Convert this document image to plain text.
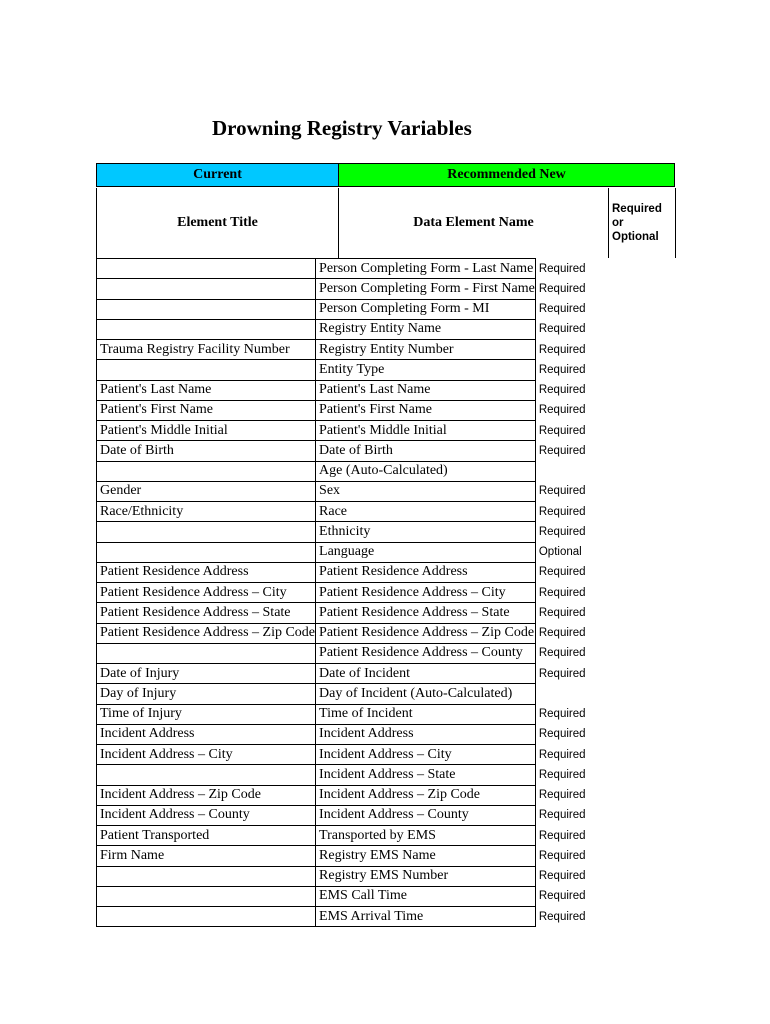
Drowning Registry Variables
Current	Recommended New
Element Title	Data Element Name
Required
or
Optional
	Person Completing Form - Last Name	Required
	Person Completing Form - First Name	Required
	Person Completing Form - MI	Required
	Registry Entity Name	Required
Trauma Registry Facility Number	Registry Entity Number	Required
	Entity Type	Required
Patient's Last Name	Patient's Last Name	Required
Patient's First Name	Patient's First Name	Required
Patient's Middle Initial	Patient's Middle Initial	Required
Date of Birth	Date of Birth	Required
	Age (Auto-Calculated)	
Gender	Sex	Required
Race/Ethnicity	Race	Required
	Ethnicity	Required
	Language	Optional
Patient Residence Address	Patient Residence Address	Required
Patient Residence Address – City	Patient Residence Address – City	Required
Patient Residence Address – State	Patient Residence Address – State	Required
Patient Residence Address – Zip Code	Patient Residence Address – Zip Code	Required
	Patient Residence Address – County	Required
Date of Injury	Date of Incident	Required
Day of Injury	Day of Incident (Auto-Calculated)	
Time of Injury	Time of Incident	Required
Incident Address	Incident Address	Required
Incident Address – City	Incident Address – City	Required
	Incident Address – State	Required
Incident Address – Zip Code	Incident Address – Zip Code	Required
Incident Address – County	Incident Address – County	Required
Patient Transported	Transported by EMS	Required
Firm Name	Registry EMS Name	Required
	Registry EMS Number	Required
	EMS Call Time	Required
	EMS Arrival Time	Required
